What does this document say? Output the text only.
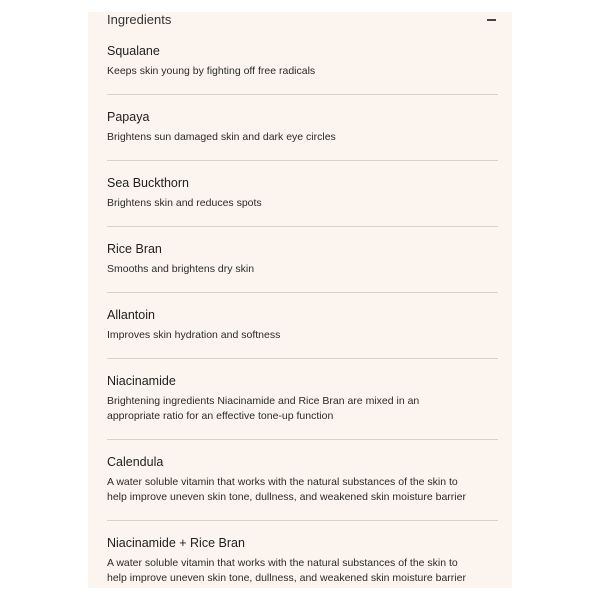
Ingredients

Squalane

Keeps skin young by fighting off free radicals

Papaya

Brightens sun damaged skin and dark eye circles

Sea Buckthorn

Brightens skin and reduces spots

Rice Bran

Smooths and brightens dry skin

Allantoin

Improves skin hydration and softness

Niacinamide

Brightening ingredients Niacinamide and Rice Bran are mixed in an

appropriate ratio for an effective tone-up function

Calendula

A water soluble vitamin that works with the natural substances of the skin to

help improve uneven skin tone, dullness, and weakened skin moisture barrier

Niacinamide + Rice Bran

A water soluble vitamin that works with the natural substances of the skin to

help improve uneven skin tone, dullness, and weakened skin moisture barrier
